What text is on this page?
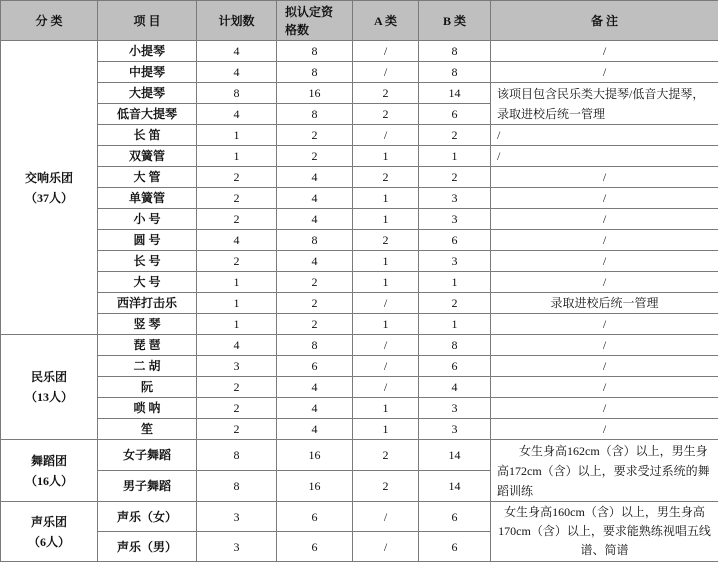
分 类	项 目	计划数	拟认定资
格数	A 类	B 类	备 注

交响乐团
（37人）	小提琴	4	8	/	8	/
	中提琴	4	8	/	8	/
	大提琴	8	16	2	14	该项目包含民乐类大提琴/低音大提琴，
录取进校后统一管理

	低音大提琴	4	8	2	6	
	长 笛	1	2	/	2	/
	双簧管	1	2	1	1	/
	大 管	2	4	2	2	/
	单簧管	2	4	1	3	/
	小 号	2	4	1	3	/
	圆 号	4	8	2	6	/
	长 号	2	4	1	3	/
	大 号	1	2	1	1	/
	西洋打击乐	1	2	/	2	录取进校后统一管理
	竖 琴	1	2	1	1	/

民乐团
（13人）	琵 琶	4	8	/	8	/
	二 胡	3	6	/	6	/
	阮	2	4	/	4	/
	唢 呐	2	4	1	3	/
	笙	2	4	1	3	/

舞蹈团
（16人）	女子舞蹈	8	16	2	14	女生身高162cm（含）以上，男生身
高172cm（含）以上，要求受过系统的舞
蹈训练

	男子舞蹈	8	16	2	14	

声乐团
（6人）	声乐（女）	3	6	/	6	女生身高160cm（含）以上，男生身高
170cm（含）以上，要求能熟练视唱五线
谱、简谱

	声乐（男）	3	6	/	6	
